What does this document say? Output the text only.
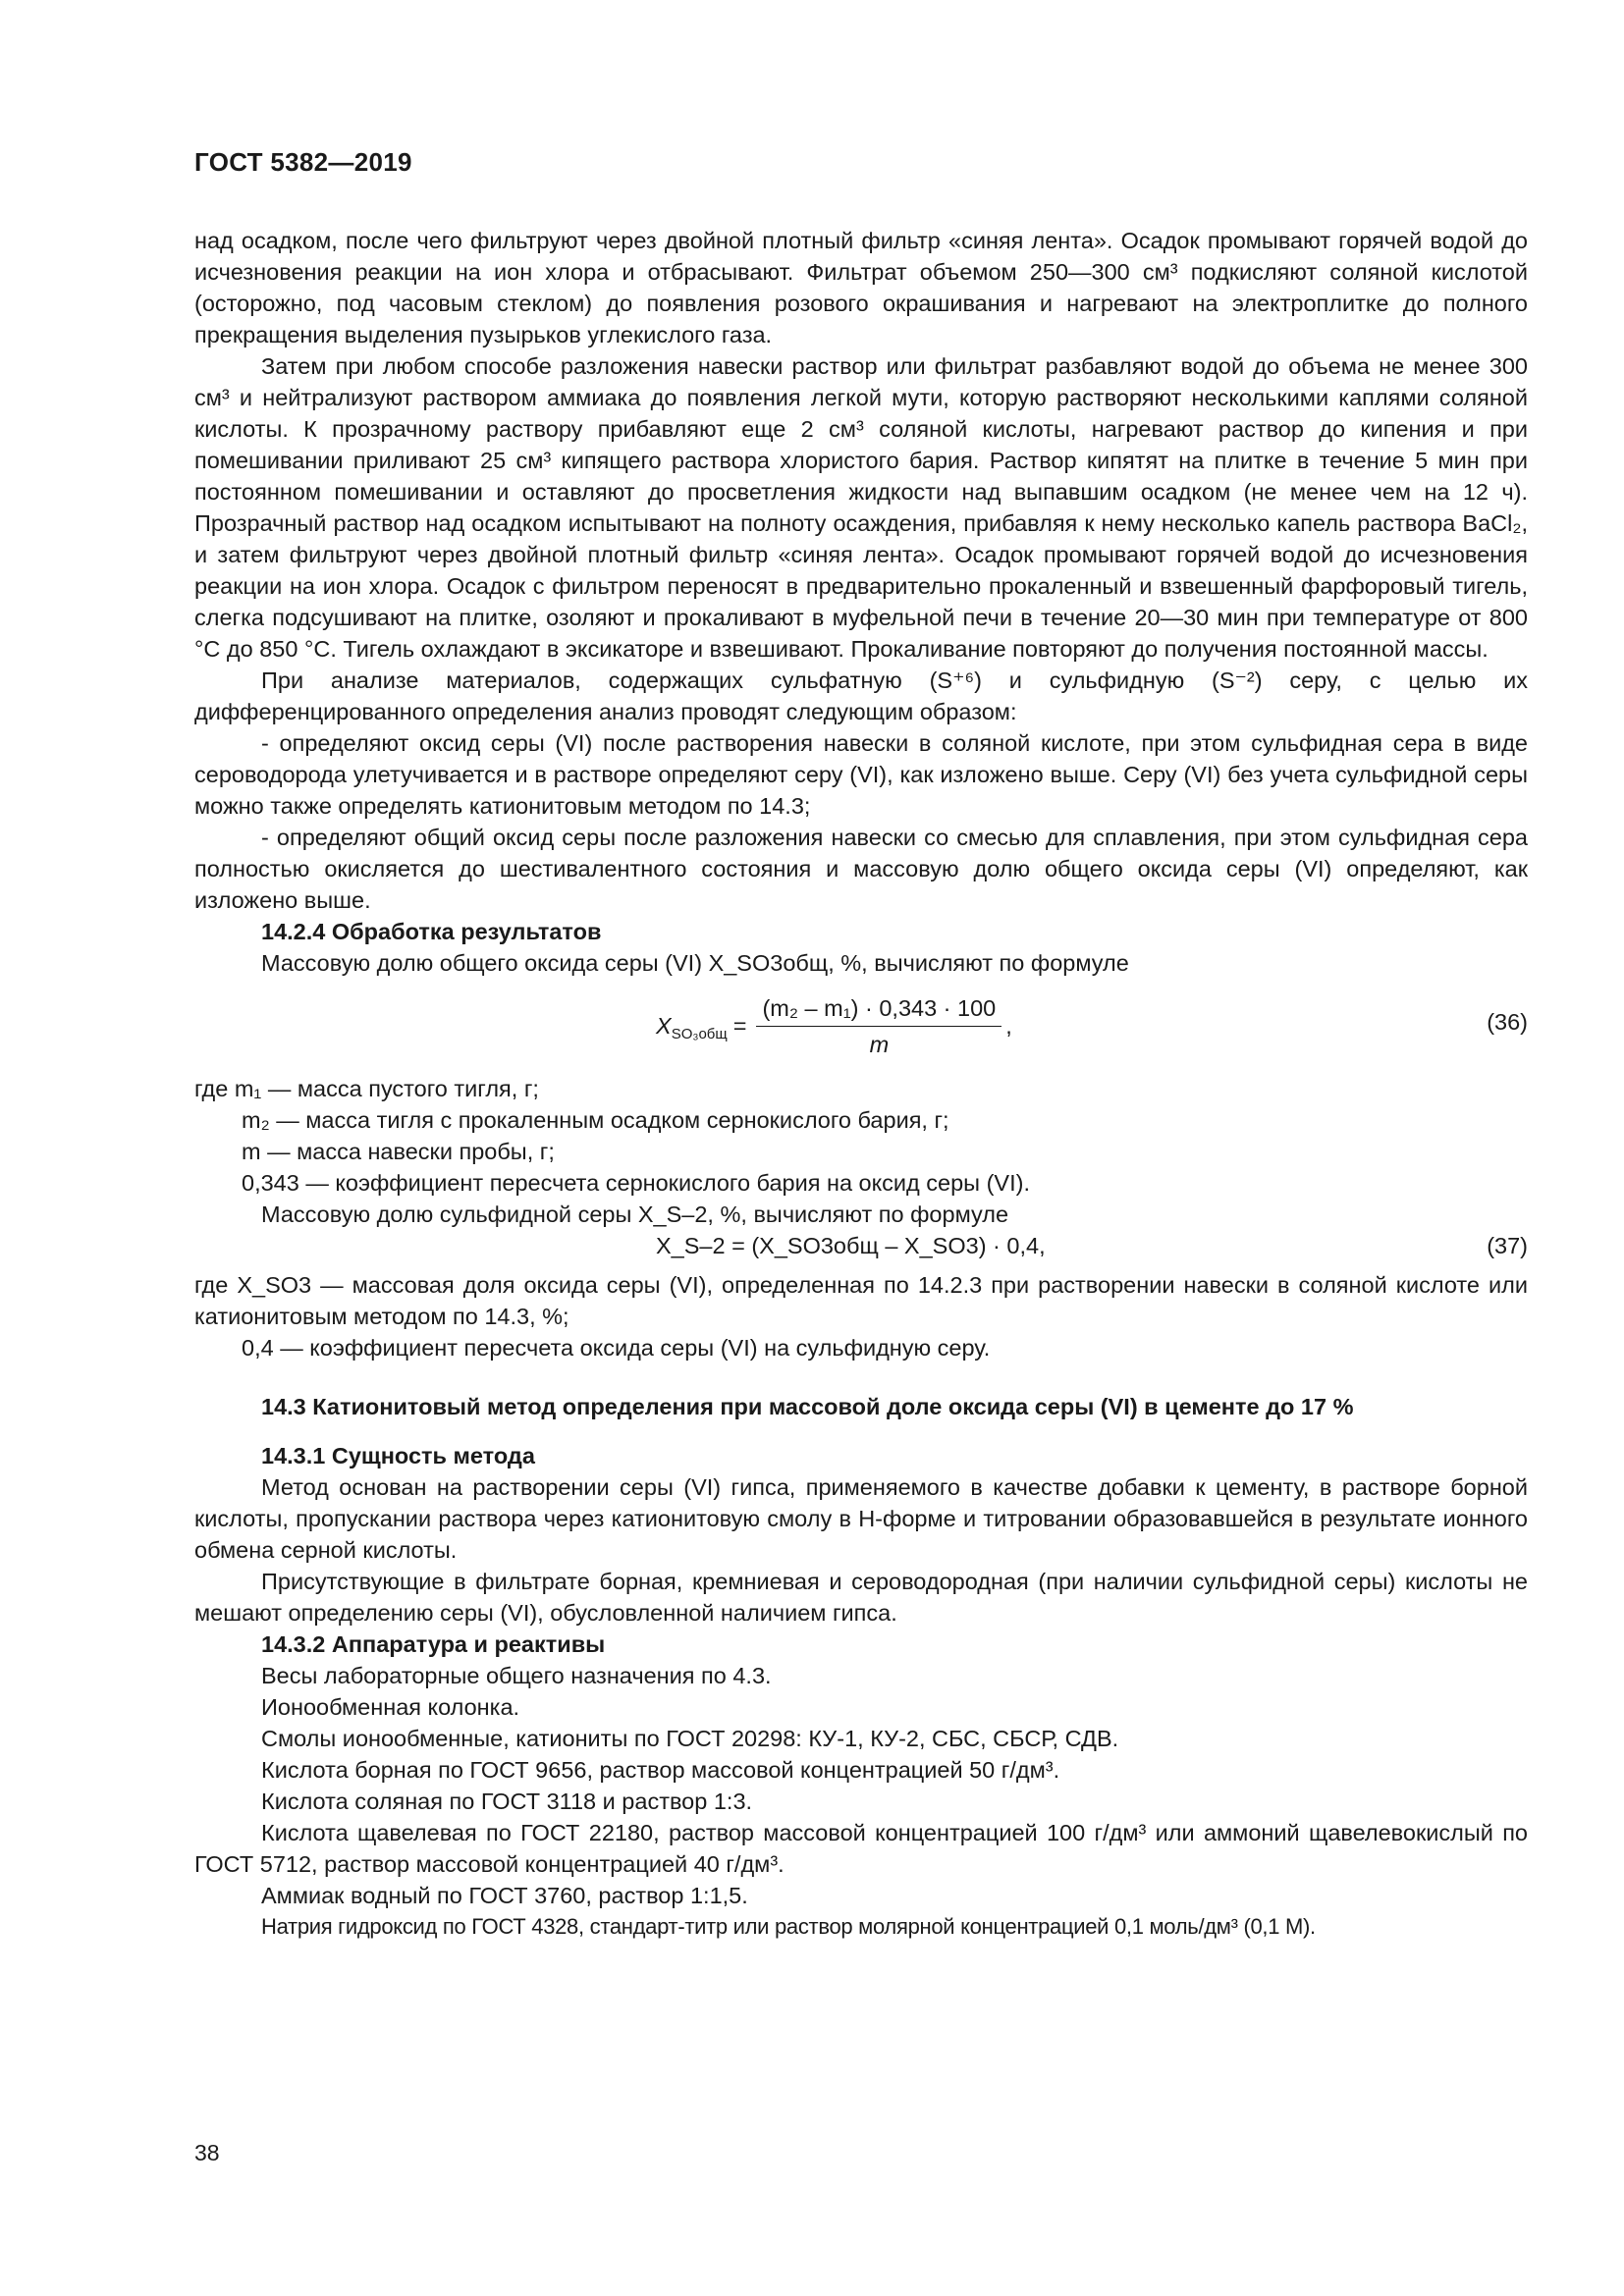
ГОСТ 5382—2019

над осадком, после чего фильтруют через двойной плотный фильтр «синяя лента». Осадок промывают горячей водой до исчезновения реакции на ион хлора и отбрасывают. Фильтрат объемом 250—300 см³ подкисляют соляной кислотой (осторожно, под часовым стеклом) до появления розового окрашивания и нагревают на электроплитке до полного прекращения выделения пузырьков углекислого газа.

Затем при любом способе разложения навески раствор или фильтрат разбавляют водой до объема не менее 300 см³ и нейтрализуют раствором аммиака до появления легкой мути, которую растворяют несколькими каплями соляной кислоты. К прозрачному раствору прибавляют еще 2 см³ соляной кислоты, нагревают раствор до кипения и при помешивании приливают 25 см³ кипящего раствора хлористого бария. Раствор кипятят на плитке в течение 5 мин при постоянном помешивании и оставляют до просветления жидкости над выпавшим осадком (не менее чем на 12 ч). Прозрачный раствор над осадком испытывают на полноту осаждения, прибавляя к нему несколько капель раствора BaCl₂, и затем фильтруют через двойной плотный фильтр «синяя лента». Осадок промывают горячей водой до исчезновения реакции на ион хлора. Осадок с фильтром переносят в предварительно прокаленный и взвешенный фарфоровый тигель, слегка подсушивают на плитке, озоляют и прокаливают в муфельной печи в течение 20—30 мин при температуре от 800 °С до 850 °С. Тигель охлаждают в эксикаторе и взвешивают. Прокаливание повторяют до получения постоянной массы.

При анализе материалов, содержащих сульфатную (S⁺⁶) и сульфидную (S⁻²) серу, с целью их дифференцированного определения анализ проводят следующим образом:

- определяют оксид серы (VI) после растворения навески в соляной кислоте, при этом сульфидная сера в виде сероводорода улетучивается и в растворе определяют серу (VI), как изложено выше. Серу (VI) без учета сульфидной серы можно также определять катионитовым методом по 14.3;

- определяют общий оксид серы после разложения навески со смесью для сплавления, при этом сульфидная сера полностью окисляется до шестивалентного состояния и массовую долю общего оксида серы (VI) определяют, как изложено выше.

14.2.4 Обработка результатов

Массовую долю общего оксида серы (VI) X_SO3общ, %, вычисляют по формуле

$X_{SO_3общ} = \frac{\text{(m₂ – m₁) · 0,343 · 100}}{m}$ ,	(36)

где m₁ — масса пустого тигля, г;

m₂ — масса тигля с прокаленным осадком сернокислого бария, г;

m — масса навески пробы, г;

0,343 — коэффициент пересчета сернокислого бария на оксид серы (VI).

Массовую долю сульфидной серы X_S–2, %, вычисляют по формуле

X_S–2 = (X_SO3общ – X_SO3) · 0,4,	(37)

где X_SO3 — массовая доля оксида серы (VI), определенная по 14.2.3 при растворении навески в соляной кислоте или катионитовым методом по 14.3, %;

0,4 — коэффициент пересчета оксида серы (VI) на сульфидную серу.

14.3 Катионитовый метод определения при массовой доле оксида серы (VI) в цементе до 17 %

14.3.1 Сущность метода

Метод основан на растворении серы (VI) гипса, применяемого в качестве добавки к цементу, в растворе борной кислоты, пропускании раствора через катионитовую смолу в Н-форме и титровании образовавшейся в результате ионного обмена серной кислоты.

Присутствующие в фильтрате борная, кремниевая и сероводородная (при наличии сульфидной серы) кислоты не мешают определению серы (VI), обусловленной наличием гипса.

14.3.2 Аппаратура и реактивы

Весы лабораторные общего назначения по 4.3.

Ионообменная колонка.

Смолы ионообменные, катиониты по ГОСТ 20298: КУ-1, КУ-2, СБС, СБСР, СДВ.

Кислота борная по ГОСТ 9656, раствор массовой концентрацией 50 г/дм³.

Кислота соляная по ГОСТ 3118 и раствор 1:3.

Кислота щавелевая по ГОСТ 22180, раствор массовой концентрацией 100 г/дм³ или аммоний щавелевокислый по ГОСТ 5712, раствор массовой концентрацией 40 г/дм³.

Аммиак водный по ГОСТ 3760, раствор 1:1,5.

Натрия гидроксид по ГОСТ 4328, стандарт-титр или раствор молярной концентрацией 0,1 моль/дм³ (0,1 М).

38
